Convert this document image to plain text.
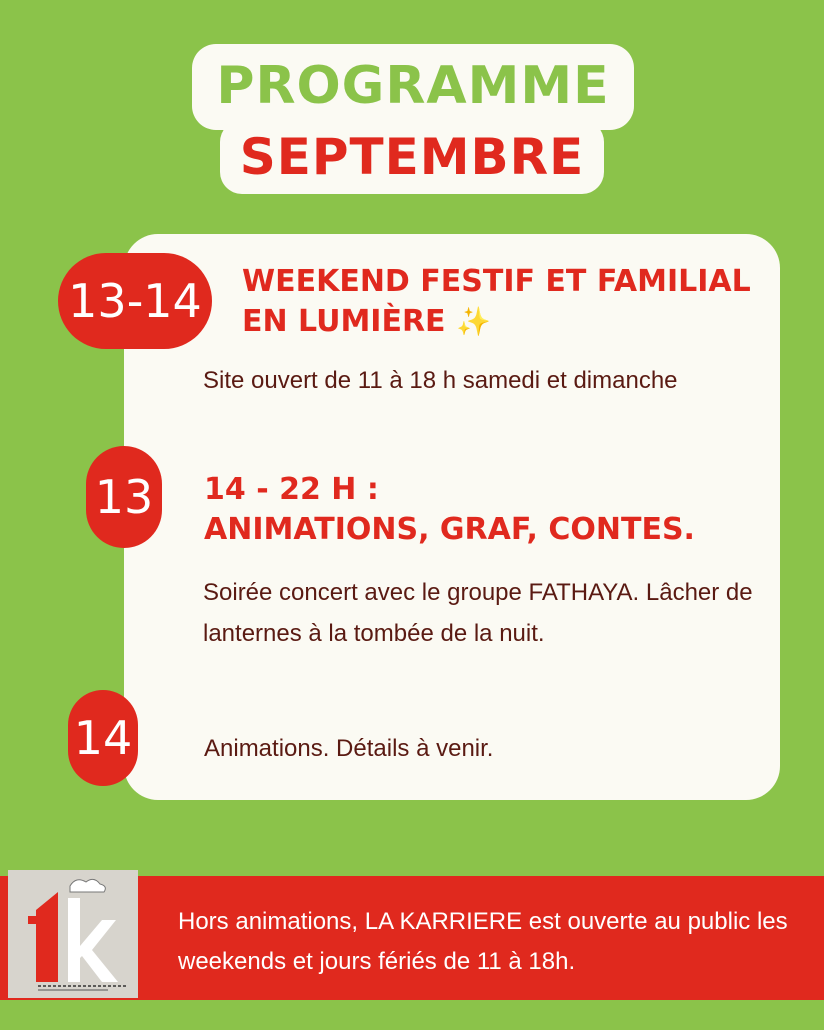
PROGRAMME
SEPTEMBRE
13-14	WEEKEND FESTIF ET FAMILIAL EN LUMIÈRE ✨
Site ouvert de 11 à 18 h samedi et dimanche
13 14 - 22 H :
ANIMATIONS, GRAF, CONTES.
Soirée concert avec le groupe FATHAYA. Lâcher de lanternes à la tombée de la nuit.
14	Animations. Détails à venir.
Hors animations, LA KARRIERE est ouverte au public les weekends et jours fériés de 11 à 18h.
